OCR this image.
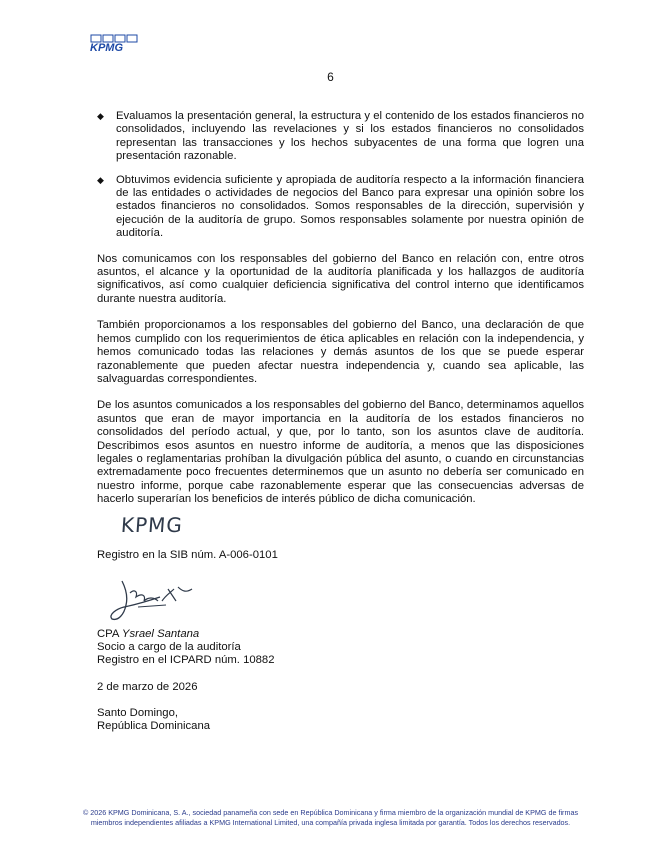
KPMG
6
◆ Evaluamos la presentación general, la estructura y el contenido de los estados financieros no consolidados, incluyendo las revelaciones y si los estados financieros no consolidados representan las transacciones y los hechos subyacentes de una forma que logren una presentación razonable.
◆ Obtuvimos evidencia suficiente y apropiada de auditoría respecto a la información financiera de las entidades o actividades de negocios del Banco para expresar una opinión sobre los estados financieros no consolidados. Somos responsables de la dirección, supervisión y ejecución de la auditoría de grupo. Somos responsables solamente por nuestra opinión de auditoría.

Nos comunicamos con los responsables del gobierno del Banco en relación con, entre otros asuntos, el alcance y la oportunidad de la auditoría planificada y los hallazgos de auditoría significativos, así como cualquier deficiencia significativa del control interno que identificamos durante nuestra auditoría.

También proporcionamos a los responsables del gobierno del Banco, una declaración de que hemos cumplido con los requerimientos de ética aplicables en relación con la independencia, y hemos comunicado todas las relaciones y demás asuntos de los que se puede esperar razonablemente que pueden afectar nuestra independencia y, cuando sea aplicable, las salvaguardas correspondientes.

De los asuntos comunicados a los responsables del gobierno del Banco, determinamos aquellos asuntos que eran de mayor importancia en la auditoría de los estados financieros no consolidados del período actual, y que, por lo tanto, son los asuntos clave de auditoría. Describimos esos asuntos en nuestro informe de auditoría, a menos que las disposiciones legales o reglamentarias prohíban la divulgación pública del asunto, o cuando en circunstancias extremadamente poco frecuentes determinemos que un asunto no debería ser comunicado en nuestro informe, porque cabe razonablemente esperar que las consecuencias adversas de hacerlo superarían los beneficios de interés público de dicha comunicación.

KPMG
Registro en la SIB núm. A-006-0101
CPA Ysrael Santana
Socio a cargo de la auditoría
Registro en el ICPARD núm. 10882
2 de marzo de 2026
Santo Domingo,
República Dominicana
© 2026 KPMG Dominicana, S. A., sociedad panameña con sede en República Dominicana y firma miembro de la organización mundial de KPMG de firmas
miembros independientes afiliadas a KPMG International Limited, una compañía privada inglesa limitada por garantía. Todos los derechos reservados.
